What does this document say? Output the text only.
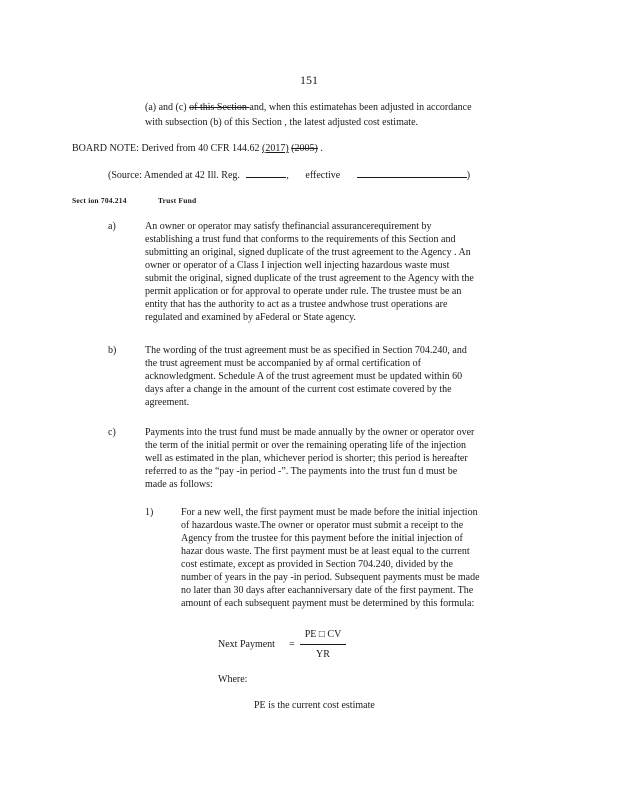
151
(a) and (c) of this Section and, when this estimatehas been adjusted in accordance
with subsection (b) of this Section , the latest adjusted cost estimate.
BOARD NOTE: Derived from 40 CFR 144.62 (2017) (2005) .
(Source: Amended at 42 Ill. Reg.	, effective	)
Sect ion 704.214	Trust Fund
a)	An owner or operator may satisfy thefinancial assurancerequirement by
establishing a trust fund that conforms to the requirements of this Section and
submitting an original, signed duplicate of the trust agreement to the Agency . An
owner or operator of a Class I injection well injecting hazardous waste must
submit the original, signed duplicate of the trust agreement to the Agency with the
permit application or for approval to operate under rule. The trustee must be an
entity that has the authority to act as a trustee andwhose trust operations are
regulated and examined by aFederal or State agency.
b)	The wording of the trust agreement must be as specified in Section 704.240, and
the trust agreement must be accompanied by af ormal certification of
acknowledgment. Schedule A of the trust agreement must be updated within 60
days after a change in the amount of the current cost estimate covered by the
agreement.
c)	Payments into the trust fund must be made annually by the owner or operator over
the term of the initial permit or over the remaining operating life of the injection
well as estimated in the plan, whichever period is shorter; this period is hereafter
referred to as the “pay -in period -”. The payments into the trust fun d must be
made as follows:
1)	For a new well, the first payment must be made before the initial injection
of hazardous waste.The owner or operator must submit a receipt to the
Agency from the trustee for this payment before the initial injection of
hazar dous waste. The first payment must be at least equal to the current
cost estimate, except as provided in Section 704.240, divided by the
number of years in the pay -in period. Subsequent payments must be made
no later than 30 days after eachanniversary date of the first payment. The
amount of each subsequent payment must be determined by this formula:
Next Payment = $\frac{PE □ CV}{YR}$
Where:
PE is the current cost estimate
